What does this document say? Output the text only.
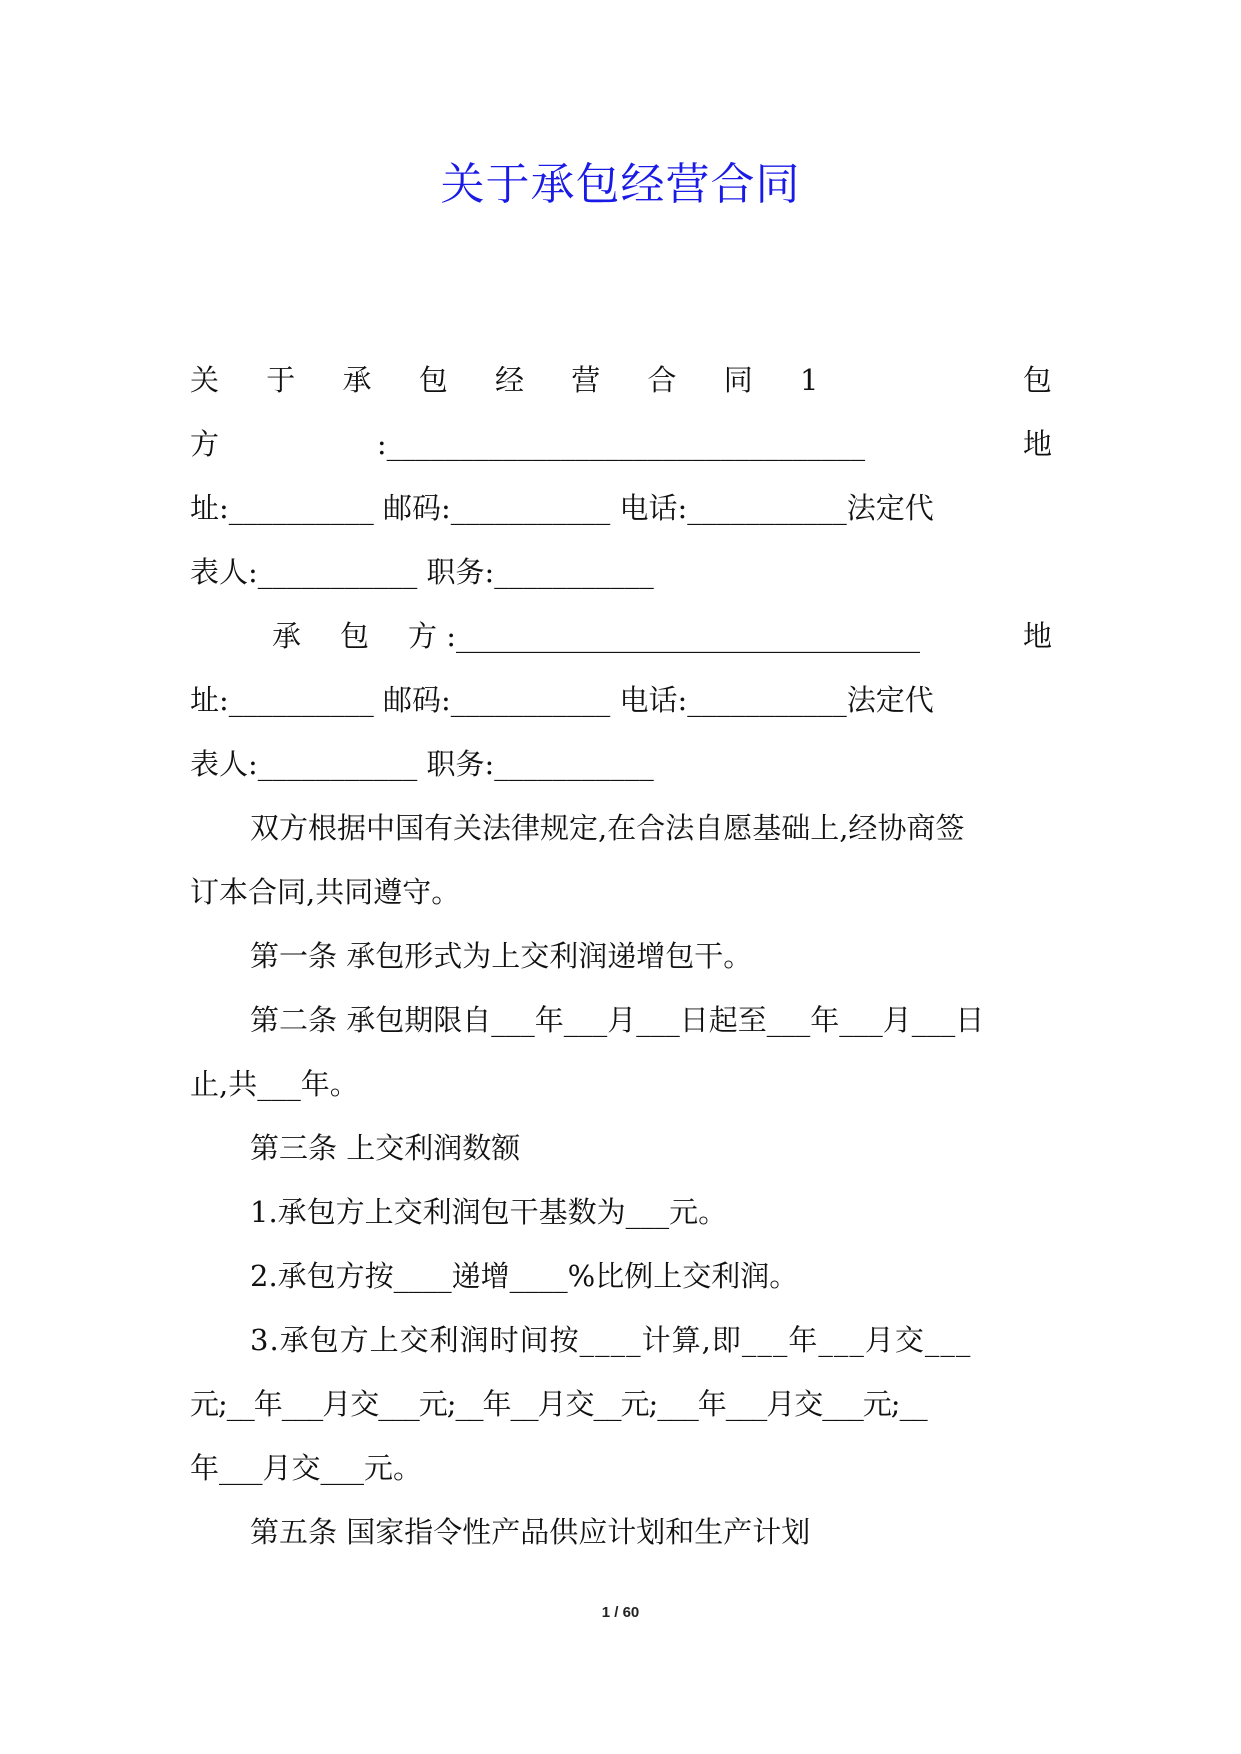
关于承包经营合同
关 于 承 包 经 营 合 同 1	包
方	:_________________________________	地
址:__________ 邮码:___________ 电话:___________法定代
表人:___________ 职务:___________
承 包 方 :________________________________	地
址:__________ 邮码:___________ 电话:___________法定代
表人:___________ 职务:___________
双方根据中国有关法律规定,在合法自愿基础上,经协商签
订本合同,共同遵守。
第一条 承包形式为上交利润递增包干。
第二条 承包期限自___年___月___日起至___年___月___日
止,共___年。
第三条 上交利润数额
1.承包方上交利润包干基数为___元。
2.承包方按____递增____%比例上交利润。
3.承包方上交利润时间按____计算,即___年___月交___
元;__年___月交___元;__年__月交__元;___年___月交___元;__
年___月交___元。
第五条 国家指令性产品供应计划和生产计划
1 / 60
